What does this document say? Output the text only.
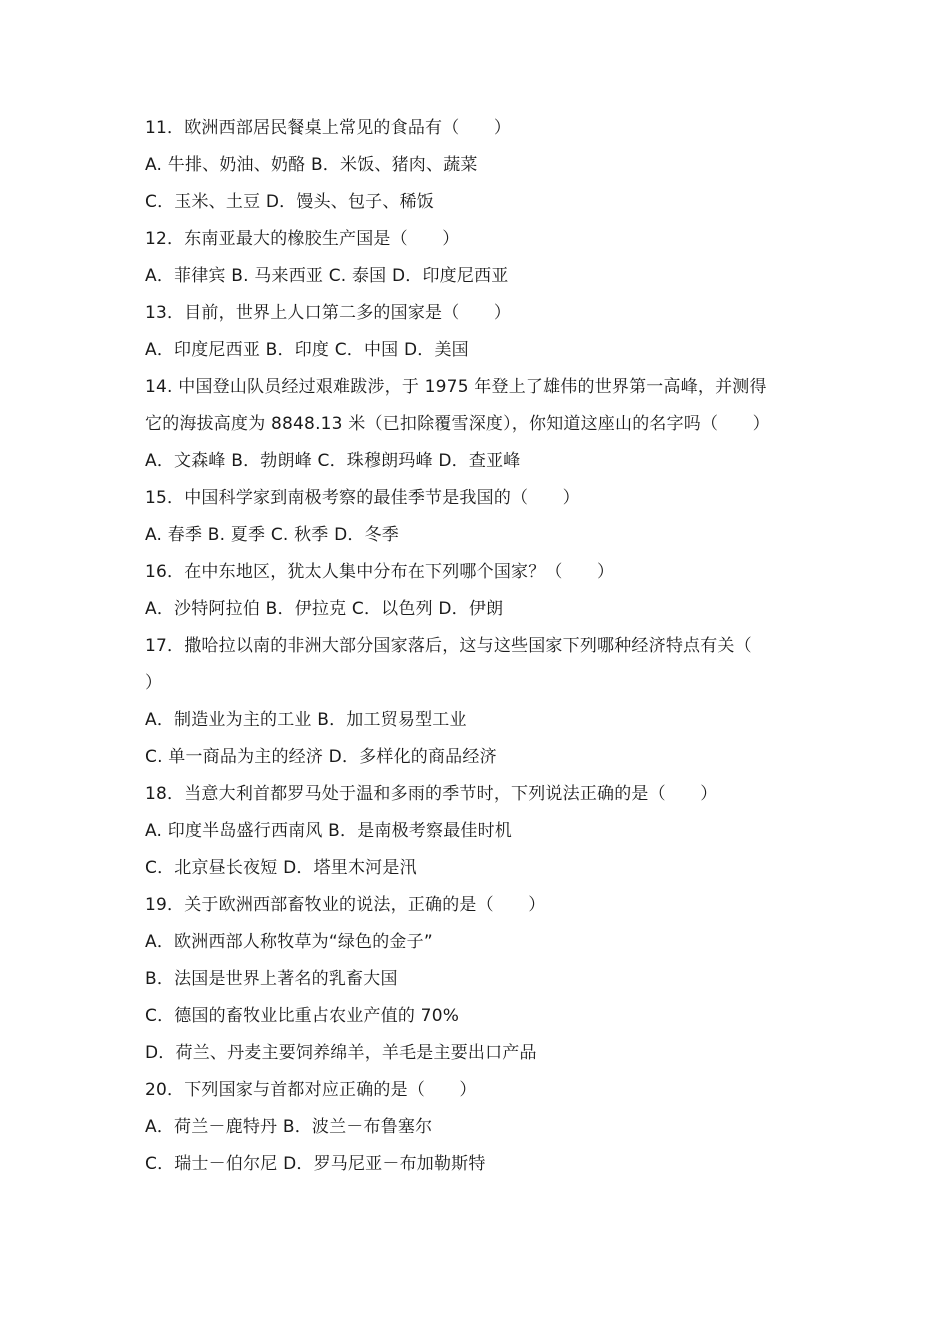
11．欧洲西部居民餐桌上常见的食品有（　　）
A. 牛排、奶油、奶酪 B．米饭、猪肉、蔬菜
C．玉米、土豆 D．馒头、包子、稀饭
12．东南亚最大的橡胶生产国是（　　）
A．菲律宾 B. 马来西亚 C. 泰国 D．印度尼西亚
13．目前，世界上人口第二多的国家是（　　）
A．印度尼西亚 B．印度 C．中国 D．美国
14. 中国登山队员经过艰难跋涉，于 1975 年登上了雄伟的世界第一高峰，并测得
它的海拔高度为 8848.13 米（已扣除覆雪深度），你知道这座山的名字吗（　　）
A．文森峰 B．勃朗峰 C．珠穆朗玛峰 D．查亚峰
15．中国科学家到南极考察的最佳季节是我国的（　　）
A. 春季 B. 夏季 C. 秋季 D．冬季
16．在中东地区，犹太人集中分布在下列哪个国家？（　　）
A．沙特阿拉伯 B．伊拉克 C．以色列 D．伊朗
17．撒哈拉以南的非洲大部分国家落后，这与这些国家下列哪种经济特点有关（
）
A．制造业为主的工业 B．加工贸易型工业
C. 单一商品为主的经济 D．多样化的商品经济
18．当意大利首都罗马处于温和多雨的季节时，下列说法正确的是（　　）
A. 印度半岛盛行西南风 B．是南极考察最佳时机
C．北京昼长夜短 D．塔里木河是汛
19．关于欧洲西部畜牧业的说法，正确的是（　　）
A．欧洲西部人称牧草为“绿色的金子”
B．法国是世界上著名的乳畜大国
C．德国的畜牧业比重占农业产值的 70%
D．荷兰、丹麦主要饲养绵羊，羊毛是主要出口产品
20．下列国家与首都对应正确的是（　　）
A．荷兰－鹿特丹 B．波兰－布鲁塞尔
C．瑞士－伯尔尼 D．罗马尼亚－布加勒斯特
